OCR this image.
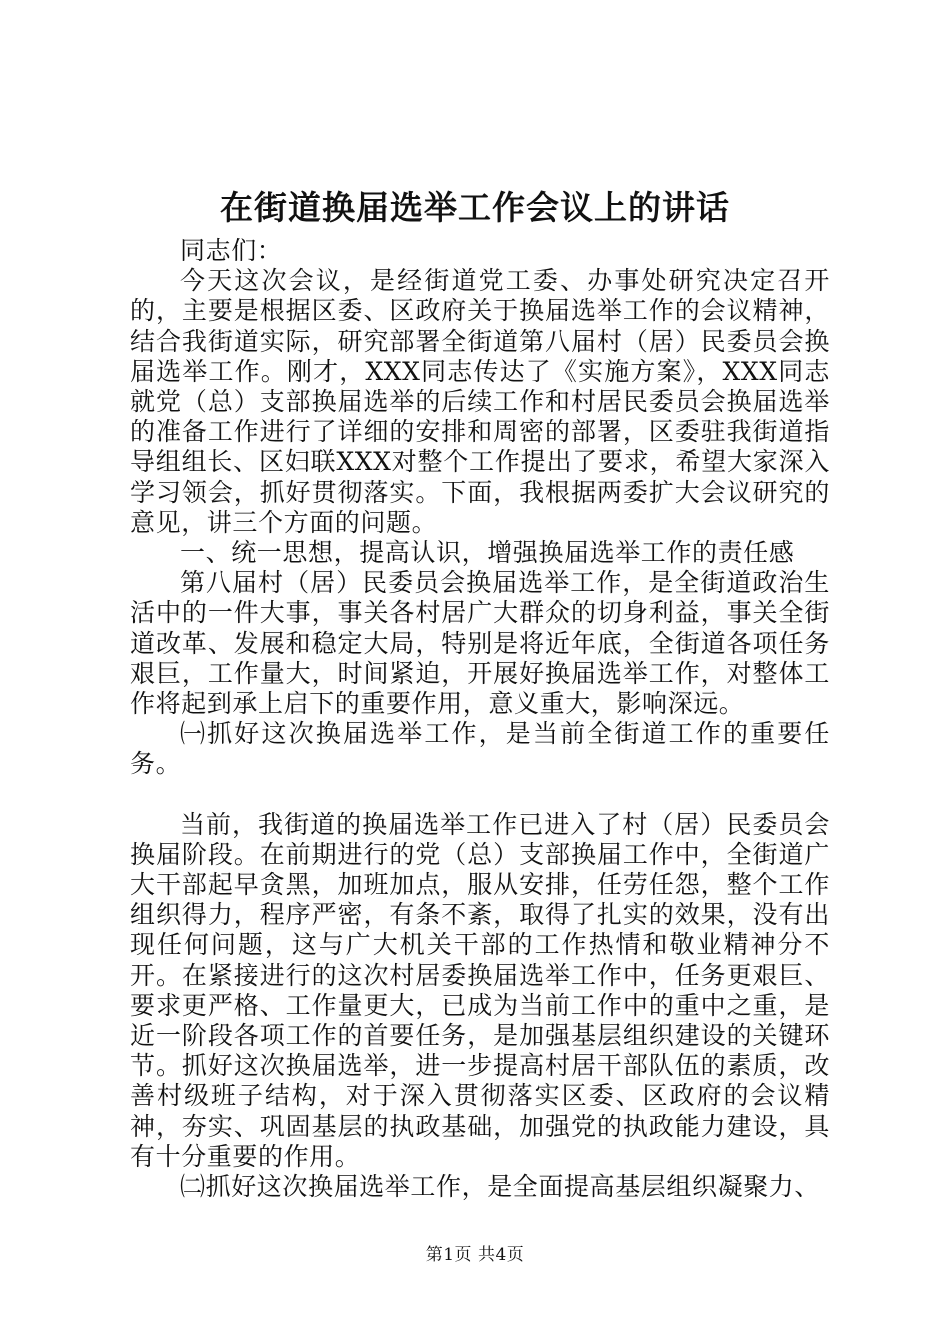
在街道换届选举工作会议上的讲话

同志们：

今天这次会议，是经街道党工委、办事处研究决定召开的，主要是根据区委、区政府关于换届选举工作的会议精神，结合我街道实际，研究部署全街道第八届村（居）民委员会换届选举工作。刚才，XXX同志传达了《实施方案》，XXX同志就党（总）支部换届选举的后续工作和村居民委员会换届选举的准备工作进行了详细的安排和周密的部署，区委驻我街道指导组组长、区妇联XXX对整个工作提出了要求，希望大家深入学习领会，抓好贯彻落实。下面，我根据两委扩大会议研究的意见，讲三个方面的问题。

一、统一思想，提高认识，增强换届选举工作的责任感

第八届村（居）民委员会换届选举工作，是全街道政治生活中的一件大事，事关各村居广大群众的切身利益，事关全街道改革、发展和稳定大局，特别是将近年底，全街道各项任务艰巨，工作量大，时间紧迫，开展好换届选举工作，对整体工作将起到承上启下的重要作用，意义重大，影响深远。

㈠抓好这次换届选举工作，是当前全街道工作的重要任务。

当前，我街道的换届选举工作已进入了村（居）民委员会换届阶段。在前期进行的党（总）支部换届工作中，全街道广大干部起早贪黑，加班加点，服从安排，任劳任怨，整个工作组织得力，程序严密，有条不紊，取得了扎实的效果，没有出现任何问题，这与广大机关干部的工作热情和敬业精神分不开。在紧接进行的这次村居委换届选举工作中，任务更艰巨、要求更严格、工作量更大，已成为当前工作中的重中之重，是近一阶段各项工作的首要任务，是加强基层组织建设的关键环节。抓好这次换届选举，进一步提高村居干部队伍的素质，改善村级班子结构，对于深入贯彻落实区委、区政府的会议精神，夯实、巩固基层的执政基础，加强党的执政能力建设，具有十分重要的作用。

㈡抓好这次换届选举工作，是全面提高基层组织凝聚力、

第1页 共4页
